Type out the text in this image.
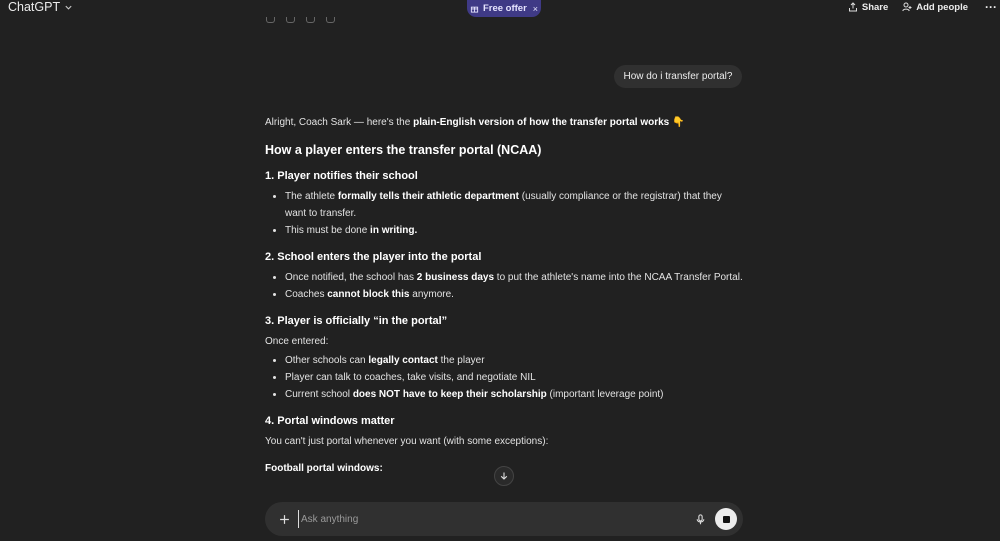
ChatGPT	Free offer ×	Share	Add people ···
How do i transfer portal?

Alright, Coach Sark — here's the plain-English version of how the transfer portal works 👇

How a player enters the transfer portal (NCAA)
1. Player notifies their school
• The athlete formally tells their athletic department (usually compliance or the registrar) that they want to transfer.
• This must be done in writing.
2. School enters the player into the portal
• Once notified, the school has 2 business days to put the athlete's name into the NCAA Transfer Portal.
• Coaches cannot block this anymore.
3. Player is officially “in the portal”

Once entered:

• Other schools can legally contact the player
• Player can talk to coaches, take visits, and negotiate NIL
• Current school does NOT have to keep their scholarship (important leverage point)
4. Portal windows matter

You can't just portal whenever you want (with some exceptions):

Football portal windows:

Ask anything
